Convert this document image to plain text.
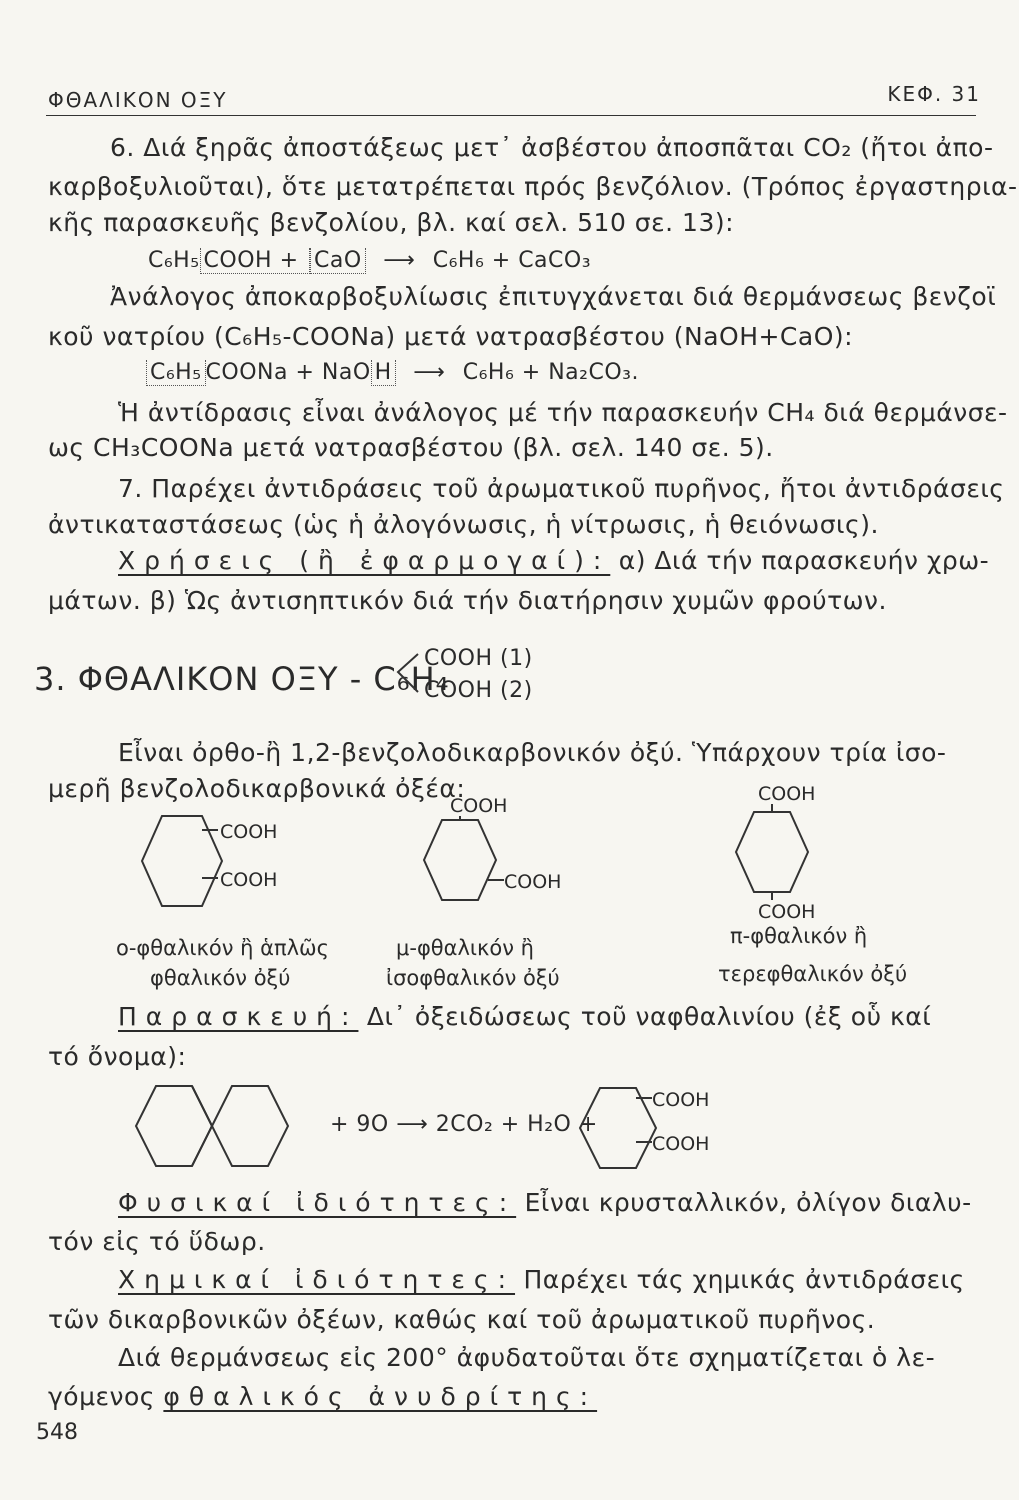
ΦΘΑΛΙΚΟΝ ΟΞΥ	ΚΕΦ. 31
6. Διά ξηρᾶς ἀποστάξεως μετ᾽ ἀσβέστου ἀποσπᾶται CO₂ (ἤτοι ἀπο-
καρβοξυλιοῦται), ὅτε μετατρέπεται πρός βενζόλιον. (Τρόπος ἐργαστηρια-
κῆς παρασκευῆς βενζολίου, βλ. καί σελ. 510 σε. 13):
C₆H₅ COOH + CaO ⟶ C₆H₆ + CaCO₃
Ἀνάλογος ἀποκαρβοξυλίωσις ἐπιτυγχάνεται διά θερμάνσεως βενζοϊ
κοῦ νατρίου (C₆H₅-COONa) μετά νατρασβέστου (NaOH+CaO):
C₆H₅ COONa + NaO H ⟶ C₆H₆ + Na₂CO₃.
Ἡ ἀντίδρασις εἶναι ἀνάλογος μέ τήν παρασκευήν CH₄ διά θερμάνσε-
ως CH₃COONa μετά νατρασβέστου (βλ. σελ. 140 σε. 5).
7. Παρέχει ἀντιδράσεις τοῦ ἀρωματικοῦ πυρῆνος, ἤτοι ἀντιδράσεις
ἀντικαταστάσεως (ὡς ἡ ἀλογόνωσις, ἡ νίτρωσις, ἡ θειόνωσις).
Χρήσεις (ἢ ἐφαρμογαί): α) Διά τήν παρασκευήν χρω-
μάτων. β) Ὡς ἀντισηπτικόν διά τήν διατήρησιν χυμῶν φρούτων.
3. ΦΘΑΛΙΚΟΝ ΟΞΥ - C₆H₄
COOH (1)
COOH (2)
Εἶναι ὀρθο-ἢ 1,2-βενζολοδικαρβονικόν ὀξύ. Ὑπάρχουν τρία ἰσο-
μερῆ βενζολοδικαρβονικά ὀξέα:
COOH
COOH
COOH
COOH
COOH
COOH
ο-φθαλικόν ἢ ἁπλῶς
φθαλικόν ὀξύ
μ-φθαλικόν ἢ
ἰσοφθαλικόν ὀξύ
π-φθαλικόν ἢ
τερεφθαλικόν ὀξύ
Παρασκευή: Δι᾽ ὀξειδώσεως τοῦ ναφθαλινίου (ἐξ οὗ καί
τό ὄνομα):
+ 9O ⟶ 2CO₂ + H₂O +
COOH
COOH
Φυσικαί ἰδιότητες: Εἶναι κρυσταλλικόν, ὀλίγον διαλυ-
τόν εἰς τό ὕδωρ.
Χημικαί ἰδιότητες: Παρέχει τάς χημικάς ἀντιδράσεις
τῶν δικαρβονικῶν ὀξέων, καθώς καί τοῦ ἀρωματικοῦ πυρῆνος.
Διά θερμάνσεως εἰς 200° ἀφυδατοῦται ὅτε σχηματίζεται ὁ λε-
γόμενος φθαλικός ἀνυδρίτης:
548
